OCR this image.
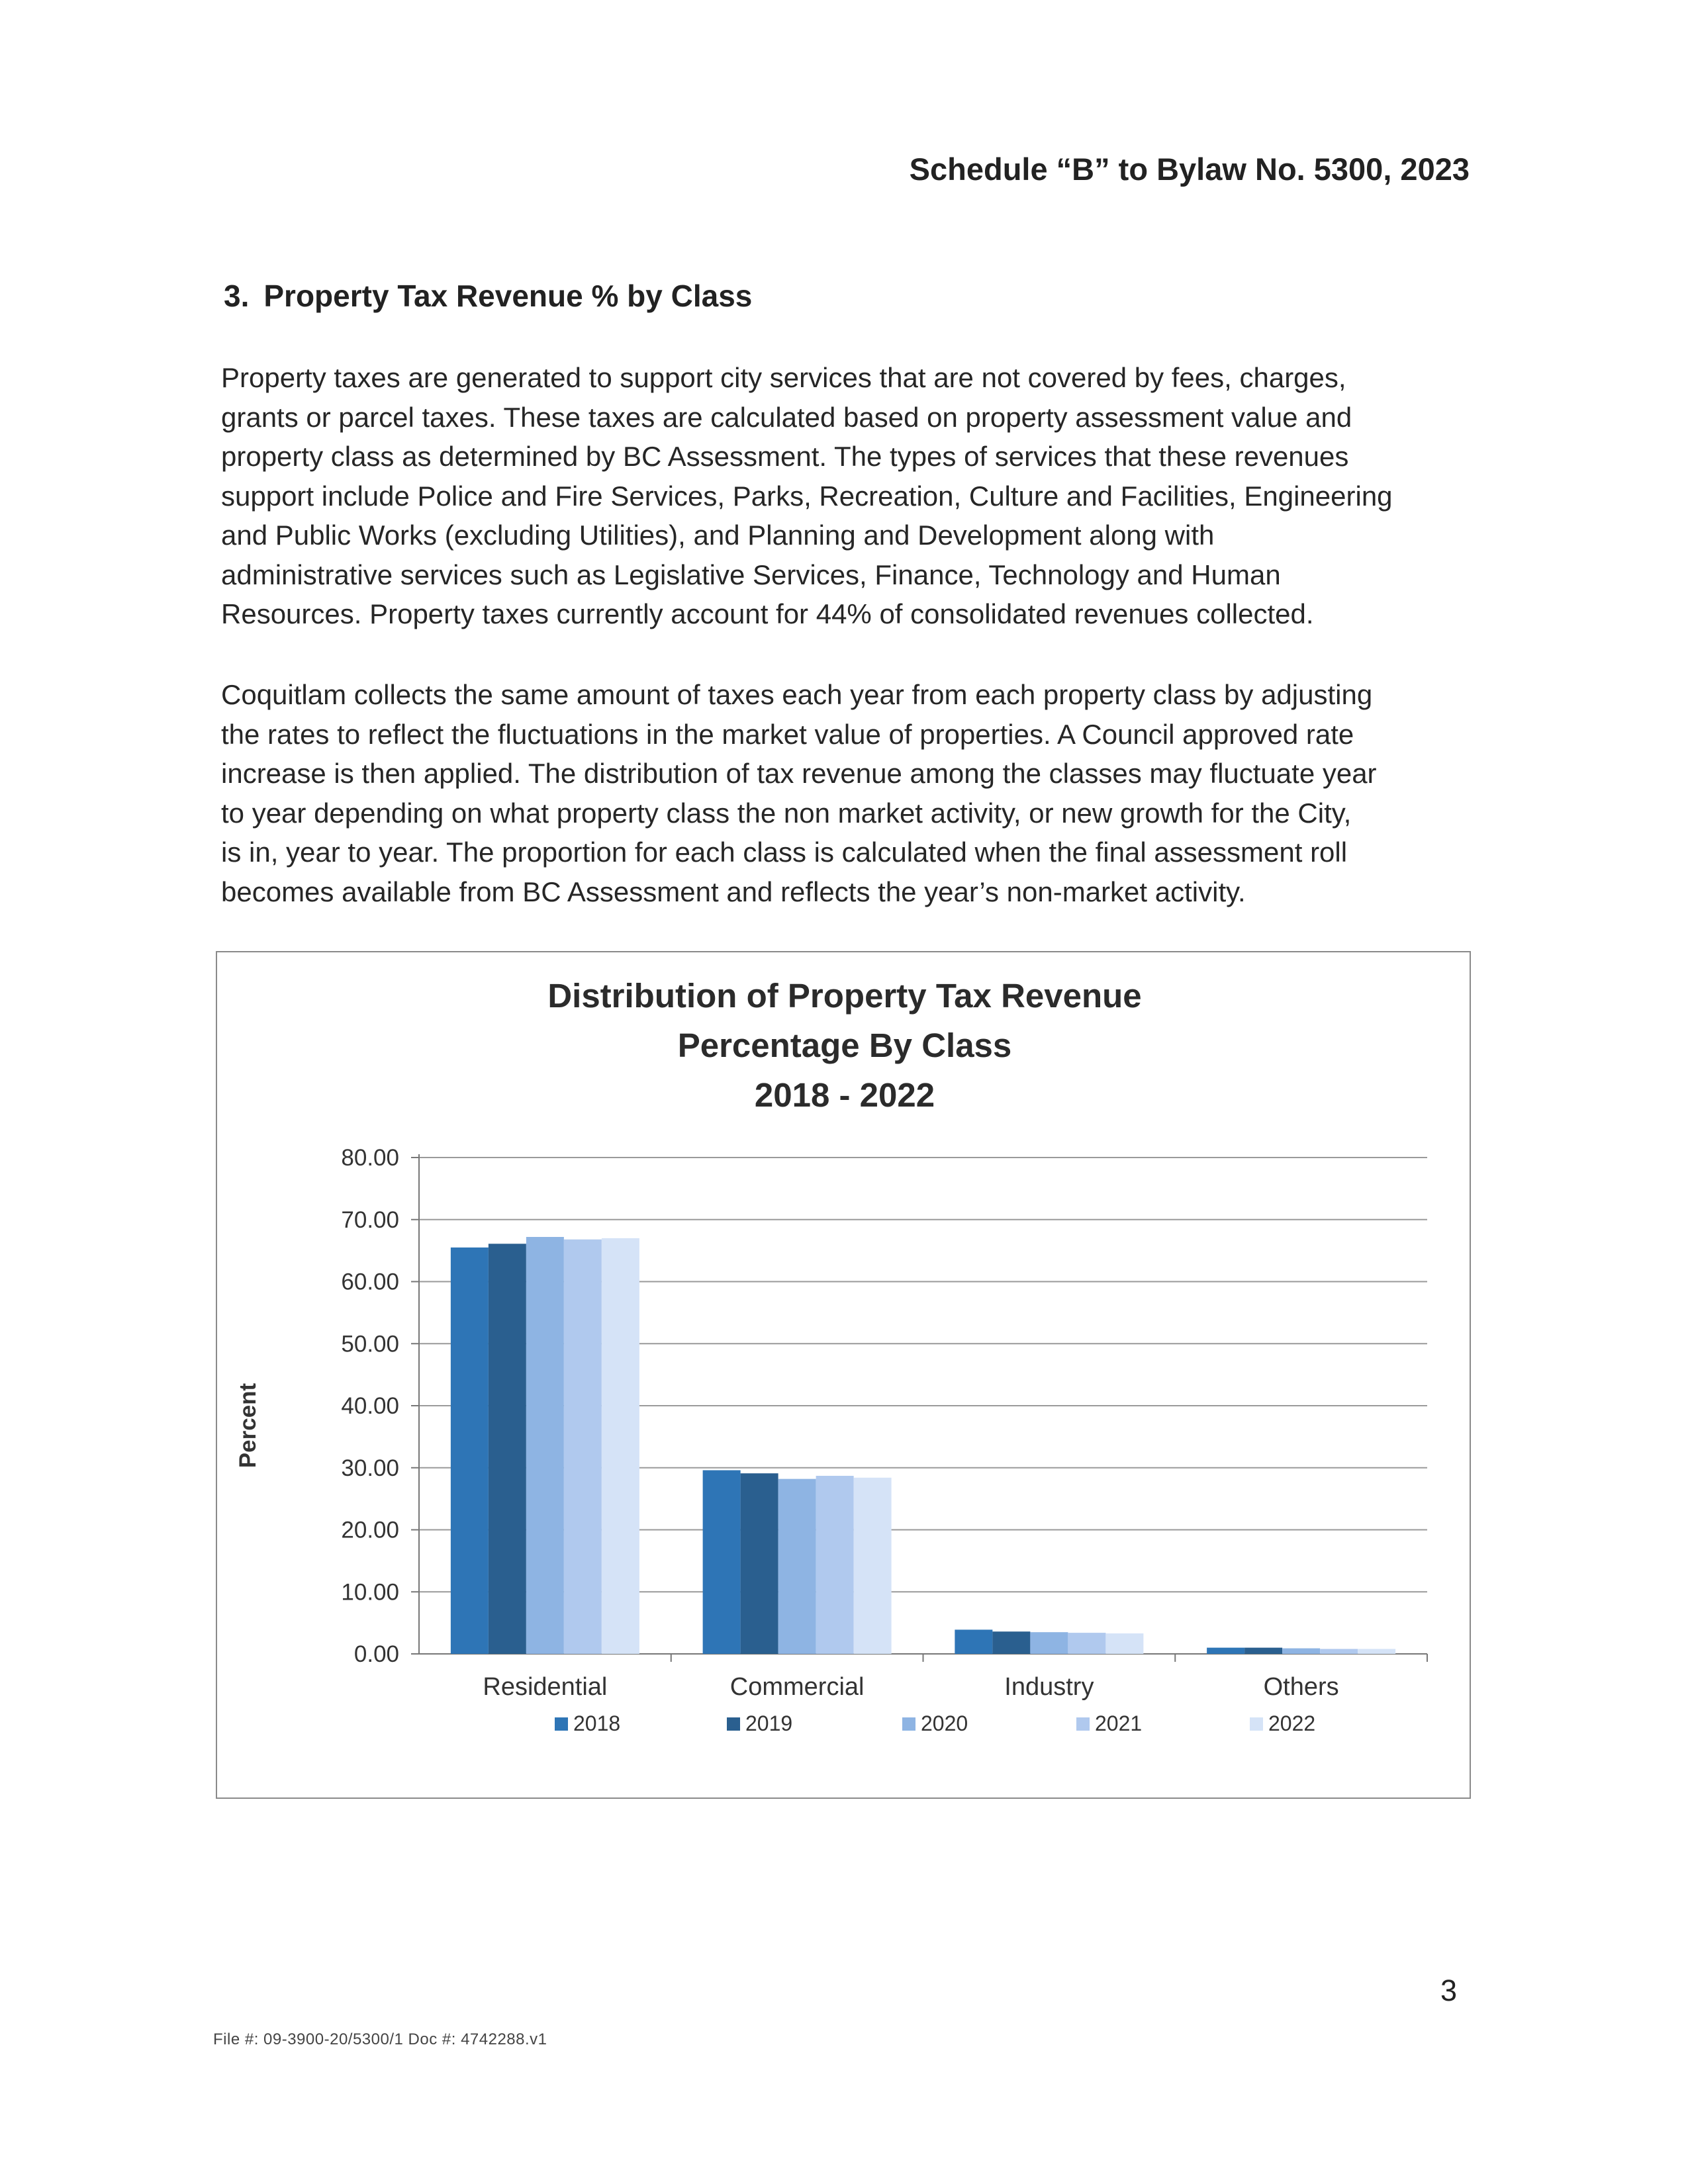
Schedule “B” to Bylaw No. 5300, 2023
3. Property Tax Revenue % by Class
Property taxes are generated to support city services that are not covered by fees, charges,
grants or parcel taxes. These taxes are calculated based on property assessment value and
property class as determined by BC Assessment. The types of services that these revenues
support include Police and Fire Services, Parks, Recreation, Culture and Facilities, Engineering
and Public Works (excluding Utilities), and Planning and Development along with
administrative services such as Legislative Services, Finance, Technology and Human
Resources. Property taxes currently account for 44% of consolidated revenues collected.
Coquitlam collects the same amount of taxes each year from each property class by adjusting
the rates to reflect the fluctuations in the market value of properties. A Council approved rate
increase is then applied. The distribution of tax revenue among the classes may fluctuate year
to year depending on what property class the non market activity, or new growth for the City,
is in, year to year. The proportion for each class is calculated when the final assessment roll
becomes available from BC Assessment and reflects the year’s non-market activity.
Distribution of Property Tax Revenue
Percentage By Class
2018 - 2022
0.00
10.00
20.00
30.00
40.00
50.00
60.00
70.00
80.00
Percent
Residential	Commercial	Industry	Others
2018	2019	2020	2021	2022
3
File #: 09-3900-20/5300/1 Doc #: 4742288.v1
